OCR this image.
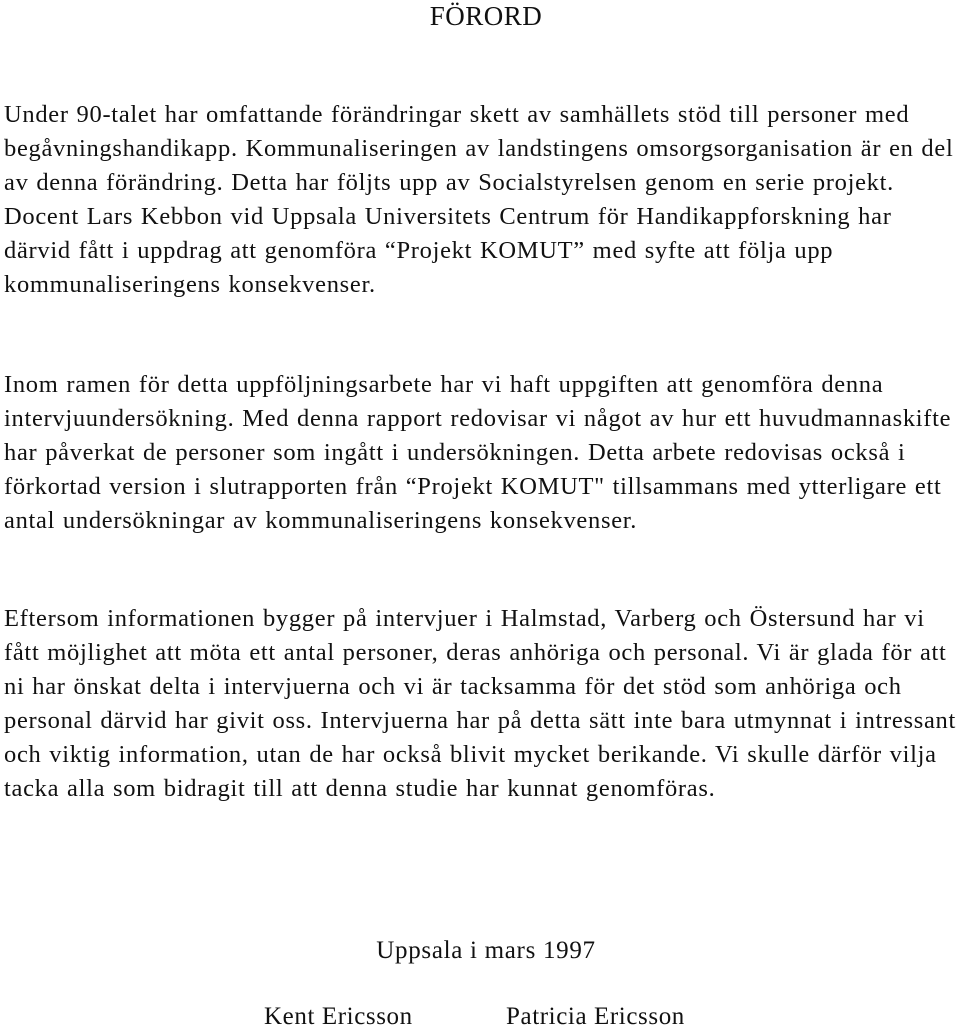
FÖRORD

Under 90-talet har omfattande förändringar skett av samhällets stöd till personer med begåvningshandikapp. Kommunaliseringen av landstingens omsorgsorganisation är en del av denna förändring. Detta har följts upp av Socialstyrelsen genom en serie projekt. Docent Lars Kebbon vid Uppsala Universitets Centrum för Handikappforskning har därvid fått i uppdrag att genomföra “Projekt KOMUT” med syfte att följa upp kommunaliseringens konsekvenser.

Inom ramen för detta uppföljningsarbete har vi haft uppgiften att genomföra denna intervjuundersökning. Med denna rapport redovisar vi något av hur ett huvudmannaskifte har påverkat de personer som ingått i undersökningen. Detta arbete redovisas också i förkortad version i slutrapporten från “Projekt KOMUT" tillsammans med ytterligare ett antal undersökningar av kommunaliseringens konsekvenser.

Eftersom informationen bygger på intervjuer i Halmstad, Varberg och Östersund har vi fått möjlighet att möta ett antal personer, deras anhöriga och personal. Vi är glada för att ni har önskat delta i intervjuerna och vi är tacksamma för det stöd som anhöriga och personal därvid har givit oss. Intervjuerna har på detta sätt inte bara utmynnat i intressant och viktig information, utan de har också blivit mycket berikande. Vi skulle därför vilja tacka alla som bidragit till att denna studie har kunnat genomföras.

Uppsala i mars 1997
Kent Ericsson	Patricia Ericsson
